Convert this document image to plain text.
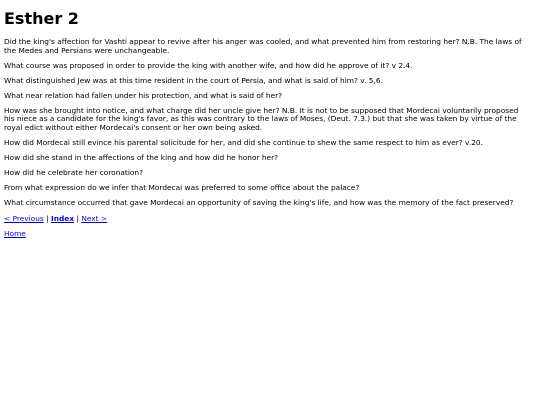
Esther 2

Did the king's affection for Vashti appear to revive after his anger was cooled, and what prevented him from restoring her? N.B. The laws of the Medes and Persians were unchangeable.

What course was proposed in order to provide the king with another wife, and how did he approve of it? v 2.4.

What distinguished Jew was at this time resident in the court of Persia, and what is said of him? v. 5,6.

What near relation had fallen under his protection, and what is said of her?

How was she brought into notice, and what charge did her uncle give her? N.B. It is not to be supposed that Mordecai voluntarily proposed his niece as a candidate for the king's favor, as this was contrary to the laws of Moses, (Deut. 7.3.) but that she was taken by virtue of the royal edict without either Mordecai's consent or her own being asked.

How did Mordecai still evince his parental solicitude for her, and did she continue to shew the same respect to him as ever? v.20.

How did she stand in the affections of the king and how did he honor her?

How did he celebrate her coronation?

From what expression do we infer that Mordecai was preferred to some office about the palace?

What circumstance occurred that gave Mordecai an opportunity of saving the king's life, and how was the memory of the fact preserved?

< Previous | Index | Next >
Home
